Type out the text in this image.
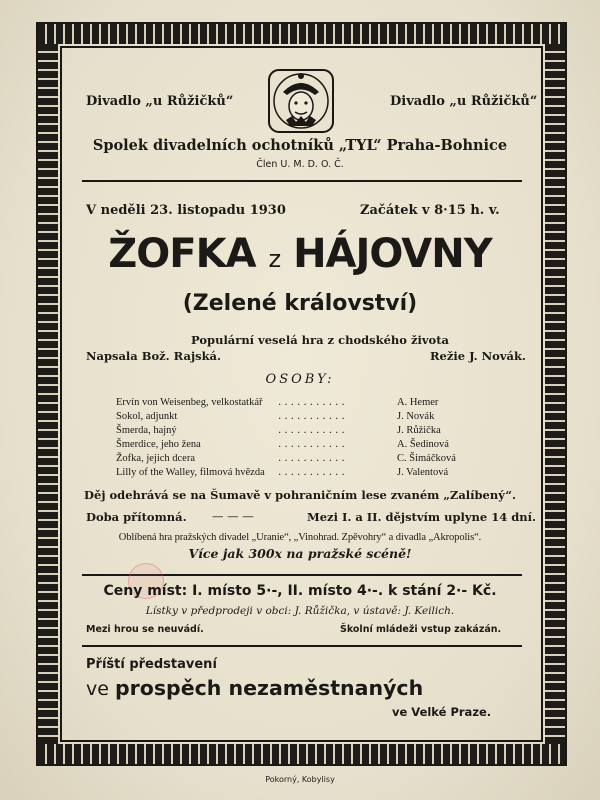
Divadlo „u Růžičků“	Divadlo „u Růžičků“
Spolek divadelních ochotníků „TYL“ Praha-Bohnice
Člen U. M. D. O. Č.
V neděli 23. listopadu 1930	Začátek v 8·15 h. v.
ŽOFKA z HÁJOVNY
(Zelené království)
Populární veselá hra z chodského života
Napsala Bož. Rajská.	Režie J. Novák.
OSOBY:
Ervín von Weisenbeg, velkostatkář ...........	A. Hemer
Sokol, adjunkt	...........	J. Novák
Šmerda, hajný	...........	J. Růžička
Šmerdice, jeho žena	...........	A. Šedinová
Žofka, jejich dcera	...........	C. Šimáčková
Lilly of the Walley, filmová hvězda ...........	J. Valentová
Děj odehrává se na Šumavě v pohraničním lese zvaném „Zalíbený“.
Doba přítomná. — — —	Mezi I. a II. dějstvím uplyne 14 dní.
Oblíbená hra pražských divadel „Uranie“, „Vinohrad. Zpěvohry“ a divadla „Akropolis“.
Více jak 300x na pražské scéně!
Ceny míst: I. místo 5·-, II. místo 4·-. k stání 2·- Kč.
Lístky v předprodeji v obci: J. Růžička, v ústavě: J. Keilich.
Mezi hrou se neuvádí.	Školní mládeži vstup zakázán.
Příští představení
ve prospěch nezaměstnaných
ve Velké Praze.
Pokorný, Kobylisy
